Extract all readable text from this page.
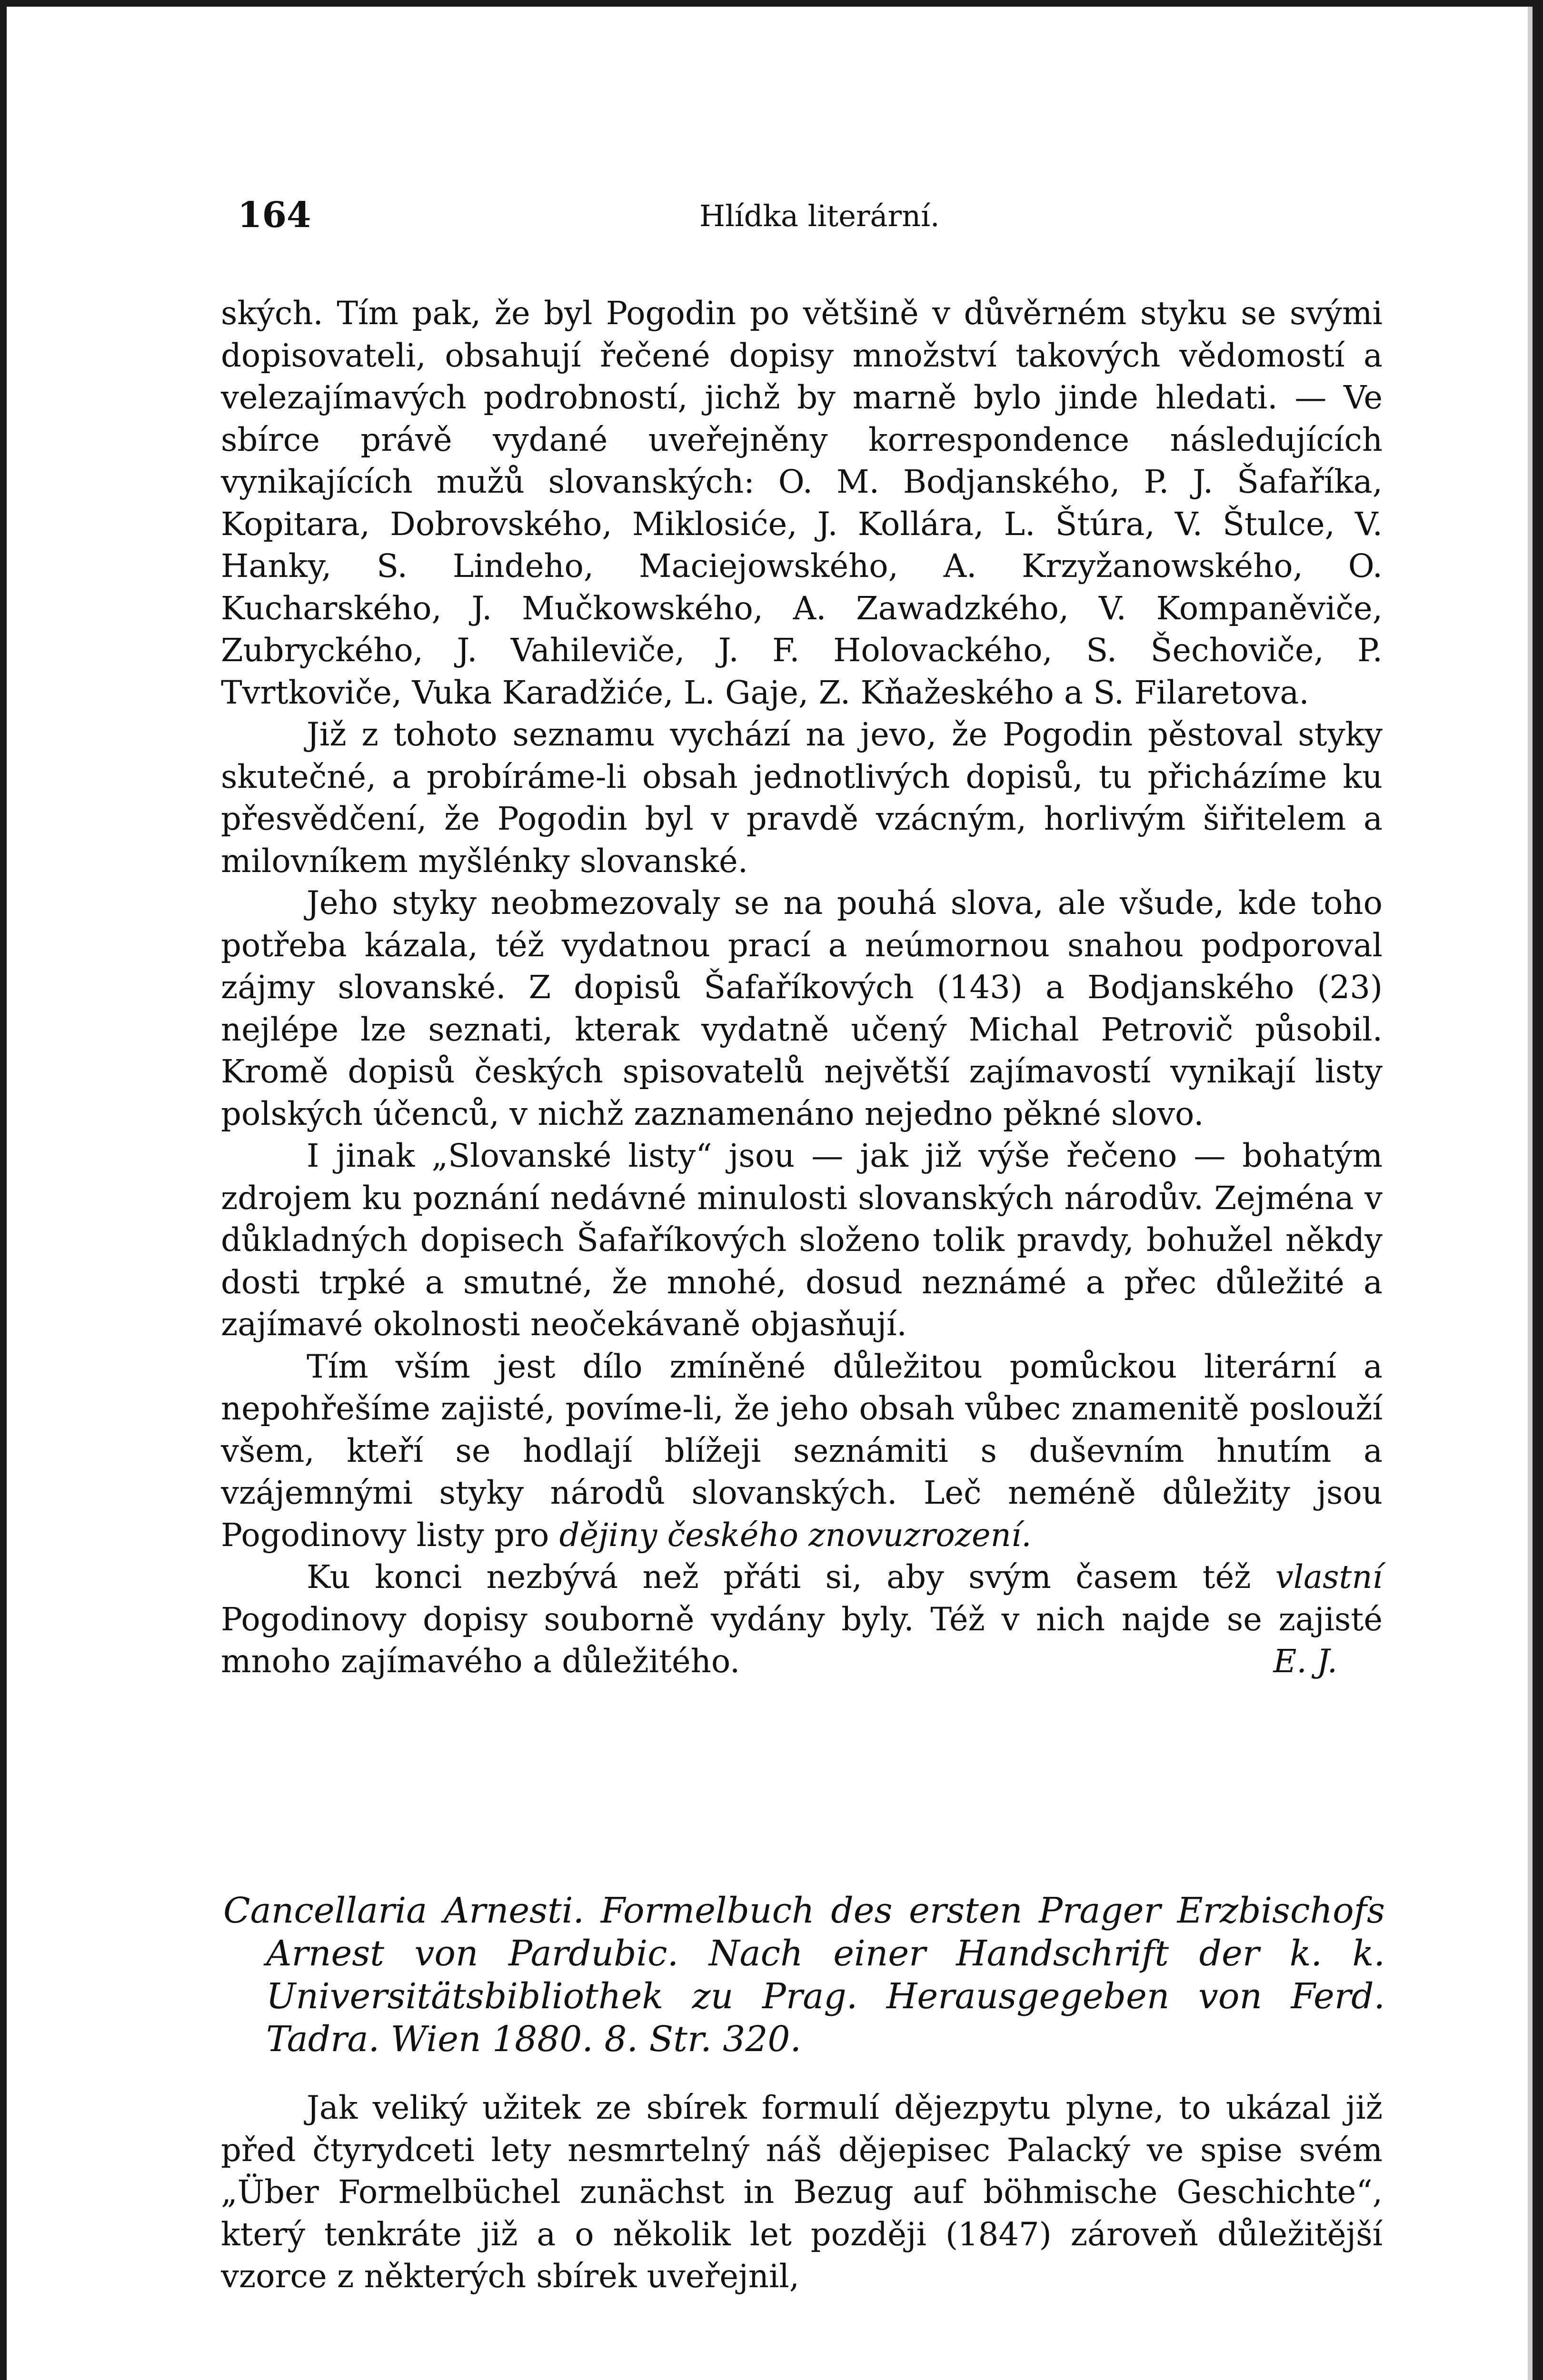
164	Hlídka literární.

ských. Tím pak, že byl Pogodin po většině v důvěrném styku se svými dopisovateli, obsahují řečené dopisy množství takových vědomostí a velezajímavých podrobností, jichž by marně bylo jinde hledati. — Ve sbírce právě vydané uveřejněny korrespondence následujících vynikajících mužů slovanských: O. M. Bodjanského, P. J. Šafaříka, Kopitara, Dobrovského, Miklosiće, J. Kollára, L. Štúra, V. Štulce, V. Hanky, S. Lindeho, Maciejowského, A. Krzyžanowského, O. Kucharského, J. Mučkowského, A. Zawadzkého, V. Kompaněviče, Zubryckého, J. Vahileviče, J. F. Holovackého, S. Šechoviče, P. Tvrtkoviče, Vuka Karadžiće, L. Gaje, Z. Kňažeského a S. Filaretova.

Již z tohoto seznamu vychází na jevo, že Pogodin pěstoval styky skutečné, a probíráme-li obsah jednotlivých dopisů, tu přicházíme ku přesvědčení, že Pogodin byl v pravdě vzácným, horlivým šiřitelem a milovníkem myšlénky slovanské.

Jeho styky neobmezovaly se na pouhá slova, ale všude, kde toho potřeba kázala, též vydatnou prací a neúmornou snahou podporoval zájmy slovanské. Z dopisů Šafaříkových (143) a Bodjanského (23) nejlépe lze seznati, kterak vydatně učený Michal Petrovič působil. Kromě dopisů českých spisovatelů největší zajímavostí vynikají listy polských účenců, v nichž zaznamenáno nejedno pěkné slovo.

I jinak „Slovanské listy“ jsou — jak již výše řečeno — bohatým zdrojem ku poznání nedávné minulosti slovanských národův. Zejména v důkladných dopisech Šafaříkových složeno tolik pravdy, bohužel někdy dosti trpké a smutné, že mnohé, dosud neznámé a přec důležité a zajímavé okolnosti neočekávaně objasňují.

Tím vším jest dílo zmíněné důležitou pomůckou literární a nepohřešíme zajisté, povíme-li, že jeho obsah vůbec znamenitě poslouží všem, kteří se hodlají blížeji seznámiti s duševním hnutím a vzájemnými styky národů slovanských. Leč neméně důležity jsou Pogodinovy listy pro dějiny českého znovuzrození.

Ku konci nezbývá než přáti si, aby svým časem též vlastní Pogodinovy dopisy souborně vydány byly. Též v nich najde se zajisté mnoho zajímavého a důležitého.	E. J.

Cancellaria Arnesti. Formelbuch des ersten Prager Erzbischofs Arnest von Pardubic. Nach einer Handschrift der k. k. Universitätsbibliothek zu Prag. Herausgegeben von Ferd. Tadra. Wien 1880. 8. Str. 320.

Jak veliký užitek ze sbírek formulí dějezpytu plyne, to ukázal již před čtyrydceti lety nesmrtelný náš dějepisec Palacký ve spise svém „Über Formelbüchel zunächst in Bezug auf böhmische Geschichte“, který tenkráte již a o několik let později (1847) zároveň důležitější vzorce z některých sbírek uveřejnil,
